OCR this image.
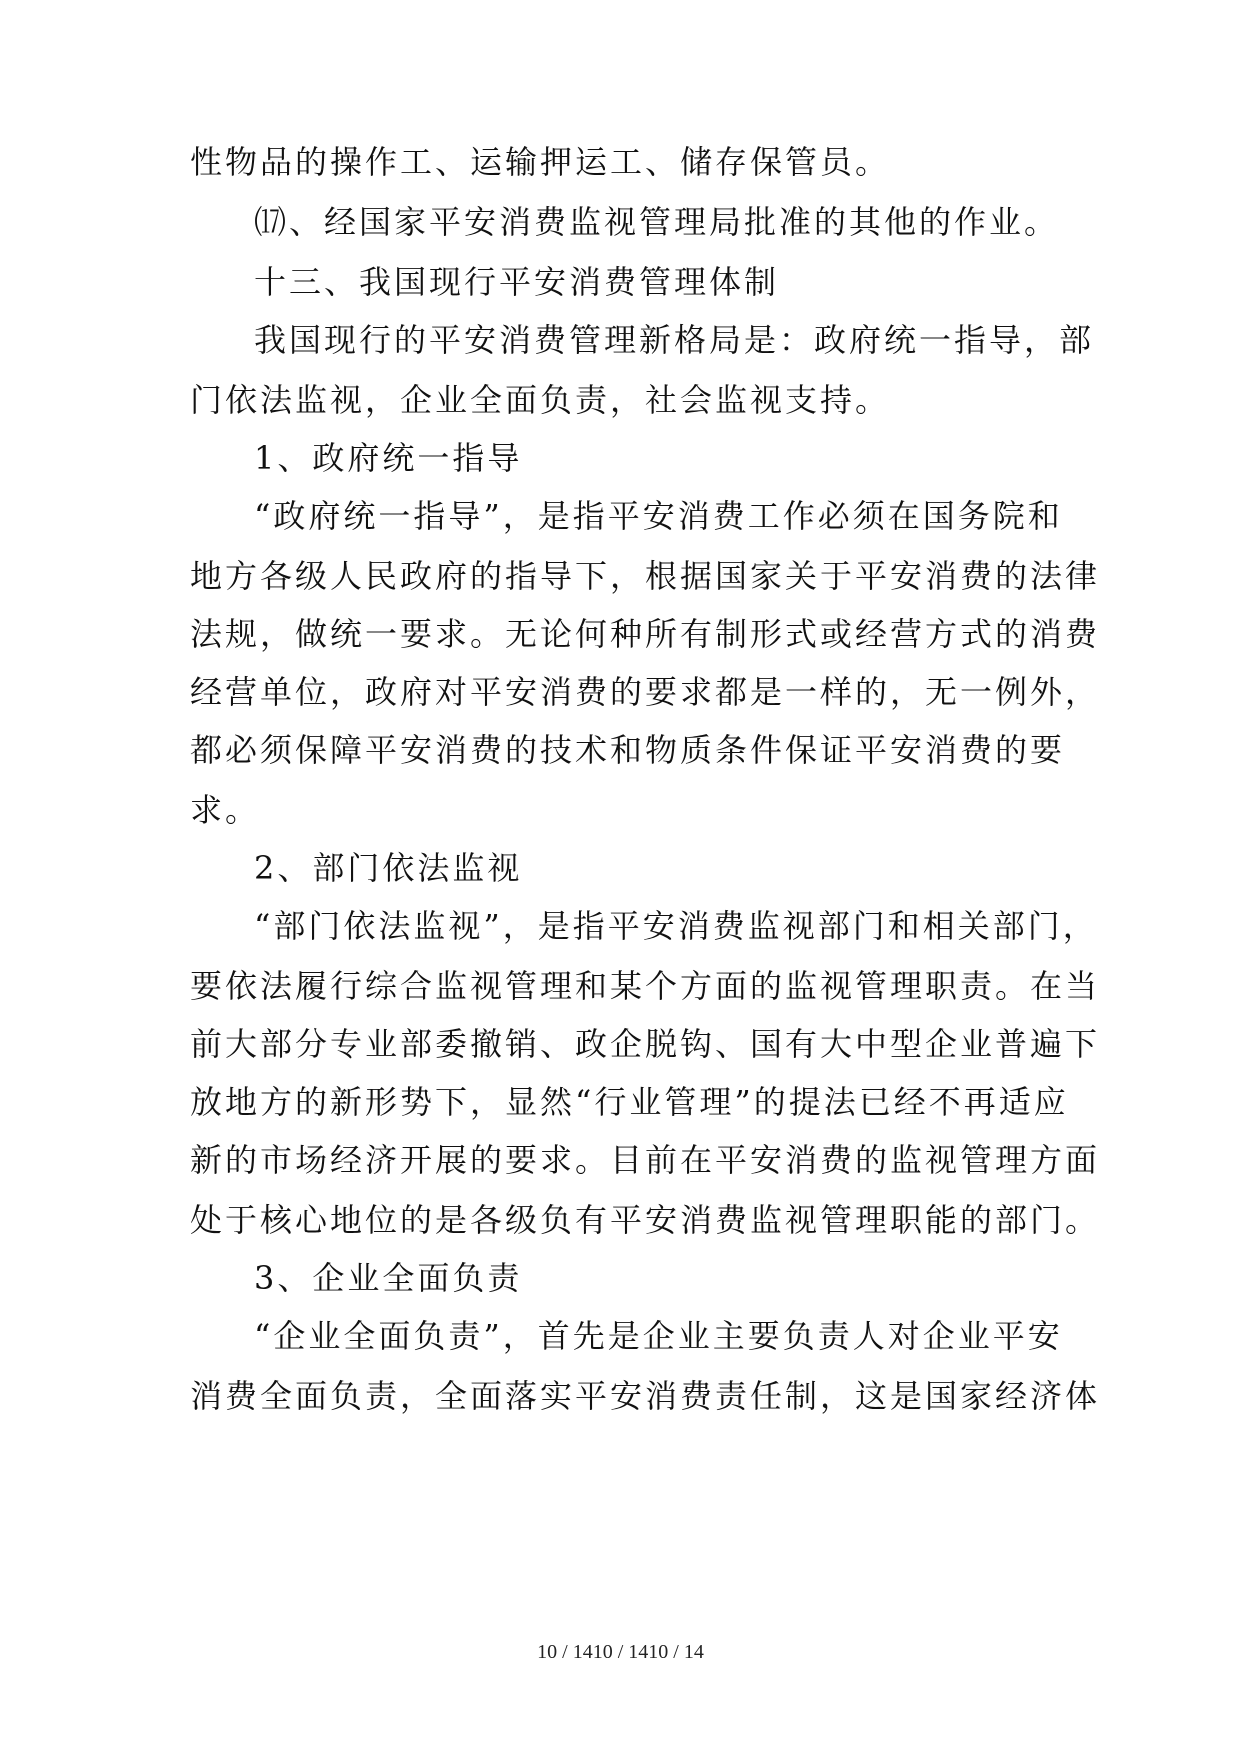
性物品的操作工、运输押运工、储存保管员。
⒄、经国家平安消费监视管理局批准的其他的作业。
十三、我国现行平安消费管理体制
我国现行的平安消费管理新格局是：政府统一指导，部
门依法监视，企业全面负责，社会监视支持。
1、政府统一指导
“政府统一指导”，是指平安消费工作必须在国务院和
地方各级人民政府的指导下，根据国家关于平安消费的法律
法规，做统一要求。无论何种所有制形式或经营方式的消费
经营单位，政府对平安消费的要求都是一样的，无一例外，
都必须保障平安消费的技术和物质条件保证平安消费的要
求。
2、部门依法监视
“部门依法监视”，是指平安消费监视部门和相关部门，
要依法履行综合监视管理和某个方面的监视管理职责。在当
前大部分专业部委撤销、政企脱钩、国有大中型企业普遍下
放地方的新形势下，显然“行业管理”的提法已经不再适应
新的市场经济开展的要求。目前在平安消费的监视管理方面
处于核心地位的是各级负有平安消费监视管理职能的部门。
3、企业全面负责
“企业全面负责”，首先是企业主要负责人对企业平安
消费全面负责，全面落实平安消费责任制，这是国家经济体
10 / 1410 / 1410 / 14
